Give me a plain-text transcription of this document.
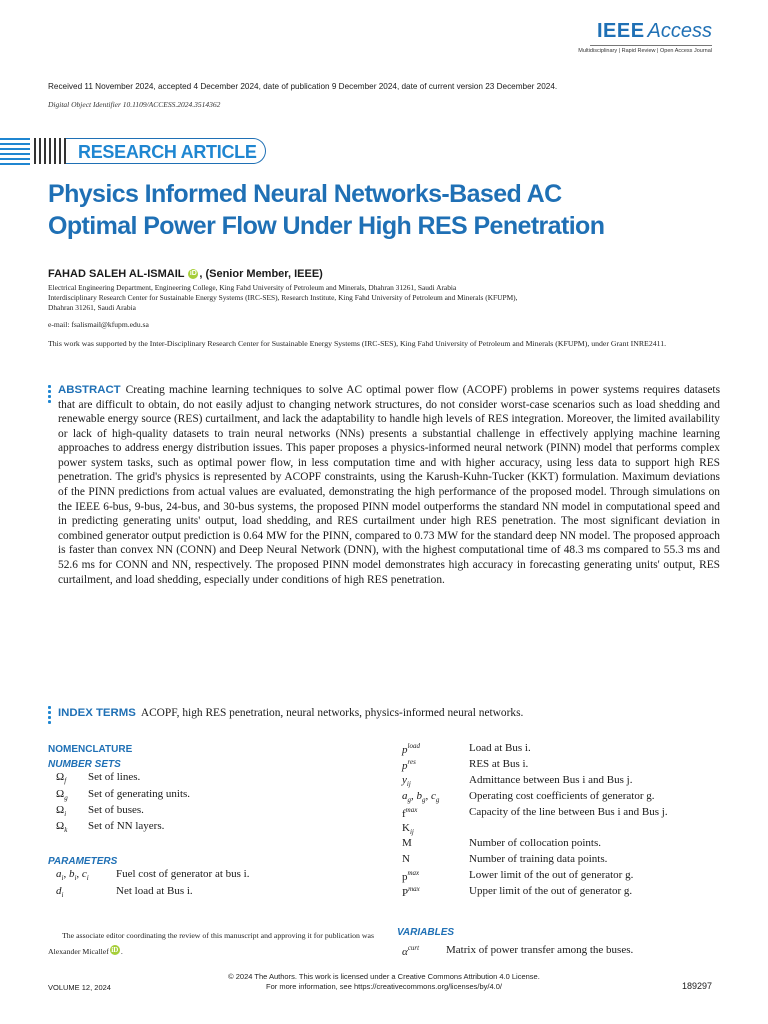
IEEE Access
Multidisciplinary | Rapid Review | Open Access Journal
Received 11 November 2024, accepted 4 December 2024, date of publication 9 December 2024, date of current version 23 December 2024.
Digital Object Identifier 10.1109/ACCESS.2024.3514362
RESEARCH ARTICLE
Physics Informed Neural Networks-Based AC
Optimal Power Flow Under High RES Penetration
FAHAD SALEH AL-ISMAIL iD , (Senior Member, IEEE)
Electrical Engineering Department, Engineering College, King Fahd University of Petroleum and Minerals, Dhahran 31261, Saudi Arabia
Interdisciplinary Research Center for Sustainable Energy Systems (IRC-SES), Research Institute, King Fahd University of Petroleum and Minerals (KFUPM),
Dhahran 31261, Saudi Arabia
e-mail: fsalismail@kfupm.edu.sa
This work was supported by the Inter-Disciplinary Research Center for Sustainable Energy Systems (IRC-SES), King Fahd University of Petroleum and Minerals (KFUPM), under Grant INRE2411.
ABSTRACT Creating machine learning techniques to solve AC optimal power flow (ACOPF) problems in power systems requires datasets that are difficult to obtain, do not easily adjust to changing network structures, do not consider worst-case scenarios such as load shedding and renewable energy source (RES) curtailment, and lack the adaptability to handle high levels of RES integration. Moreover, the limited availability or lack of high-quality datasets to train neural networks (NNs) presents a substantial challenge in effectively applying machine learning approaches to address energy distribution issues. This paper proposes a physics-informed neural network (PINN) model that performs complex power system tasks, such as optimal power flow, in less computation time and with higher accuracy, using less data to support high RES penetration. The grid's physics is represented by ACOPF constraints, using the Karush-Kuhn-Tucker (KKT) formulation. Maximum deviations of the PINN predictions from actual values are evaluated, demonstrating the high performance of the proposed model. Through simulations on the IEEE 6-bus, 9-bus, 24-bus, and 30-bus systems, the proposed PINN model outperforms the standard NN model in computational speed and in predicting generating units' output, load shedding, and RES curtailment under high RES penetration. The most significant deviation in combined generator output prediction is 0.64 MW for the PINN, compared to 0.73 MW for the standard deep NN model. The proposed approach is faster than convex NN (CONN) and Deep Neural Network (DNN), with the highest computational time of 48.3 ms compared to 55.3 ms and 52.6 ms for CONN and NN, respectively. The proposed PINN model demonstrates high accuracy in forecasting generating units' output, RES curtailment, and load shedding, especially under conditions of high RES penetration.
INDEX TERMS ACOPF, high RES penetration, neural networks, physics-informed neural networks.
NOMENCLATURE
NUMBER SETS
$\Omega_f$ Set of lines.
$\Omega_g$ Set of generating units.
$\Omega_i$ Set of buses.
$\Omega_k$ Set of NN layers.
PARAMETERS
$a_i$, $b_i$, $c_i$ Fuel cost of generator at bus i.
$d_i$	Net load at Bus i.
$p^{load}$	Load at Bus i.
$p^{res}$	RES at Bus i.
$y_{ij}$	Admittance between Bus i and Bus j.
$a_g$, $b_g$, $c_g$	Operating cost coefficients of generator g.
$f^{max}$	Capacity of the line between Bus i and Bus j.
$K_{ij}$
M	Number of collocation points.
N	Number of training data points.
$p^{max}$	Lower limit of the out of generator g.
$P^{max}$	Upper limit of the out of generator g.
VARIABLES
$\alpha^{curt}$ Matrix of power transfer among the buses.
The associate editor coordinating the review of this manuscript and approving it for publication was Alexander Micallef iD .
© 2024 The Authors. This work is licensed under a Creative Commons Attribution 4.0 License.
For more information, see https://creativecommons.org/licenses/by/4.0/
VOLUME 12, 2024	189297
